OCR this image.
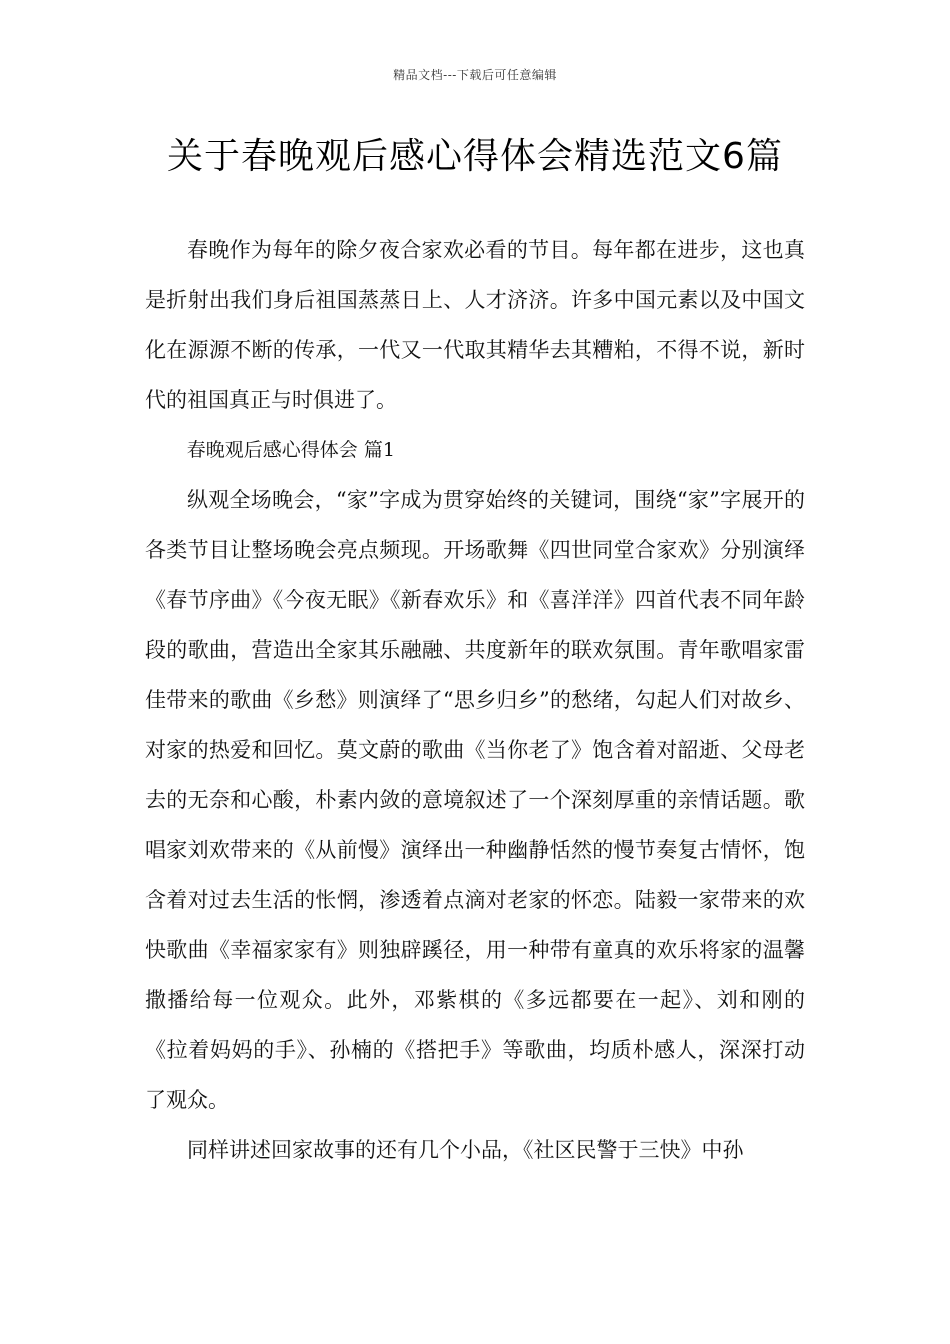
精品文档---下载后可任意编辑
关于春晚观后感心得体会精选范文6篇

春晚作为每年的除夕夜合家欢必看的节目。每年都在进步，这也真是折射出我们身后祖国蒸蒸日上、人才济济。许多中国元素以及中国文化在源源不断的传承，一代又一代取其精华去其糟粕，不得不说，新时代的祖国真正与时俱进了。

春晚观后感心得体会 篇1

纵观全场晚会，“家”字成为贯穿始终的关键词，围绕“家”字展开的各类节目让整场晚会亮点频现。开场歌舞《四世同堂合家欢》分别演绎《春节序曲》《今夜无眠》《新春欢乐》和《喜洋洋》四首代表不同年龄段的歌曲，营造出全家其乐融融、共度新年的联欢氛围。青年歌唱家雷佳带来的歌曲《乡愁》则演绎了“思乡归乡”的愁绪，勾起人们对故乡、对家的热爱和回忆。莫文蔚的歌曲《当你老了》饱含着对韶逝、父母老去的无奈和心酸，朴素内敛的意境叙述了一个深刻厚重的亲情话题。歌唱家刘欢带来的《从前慢》演绎出一种幽静恬然的慢节奏复古情怀，饱含着对过去生活的怅惘，渗透着点滴对老家的怀恋。陆毅一家带来的欢快歌曲《幸福家家有》则独辟蹊径，用一种带有童真的欢乐将家的温馨撒播给每一位观众。此外，邓紫棋的《多远都要在一起》、刘和刚的《拉着妈妈的手》、孙楠的《搭把手》等歌曲，均质朴感人，深深打动了观众。

同样讲述回家故事的还有几个小品，《社区民警于三快》中孙
